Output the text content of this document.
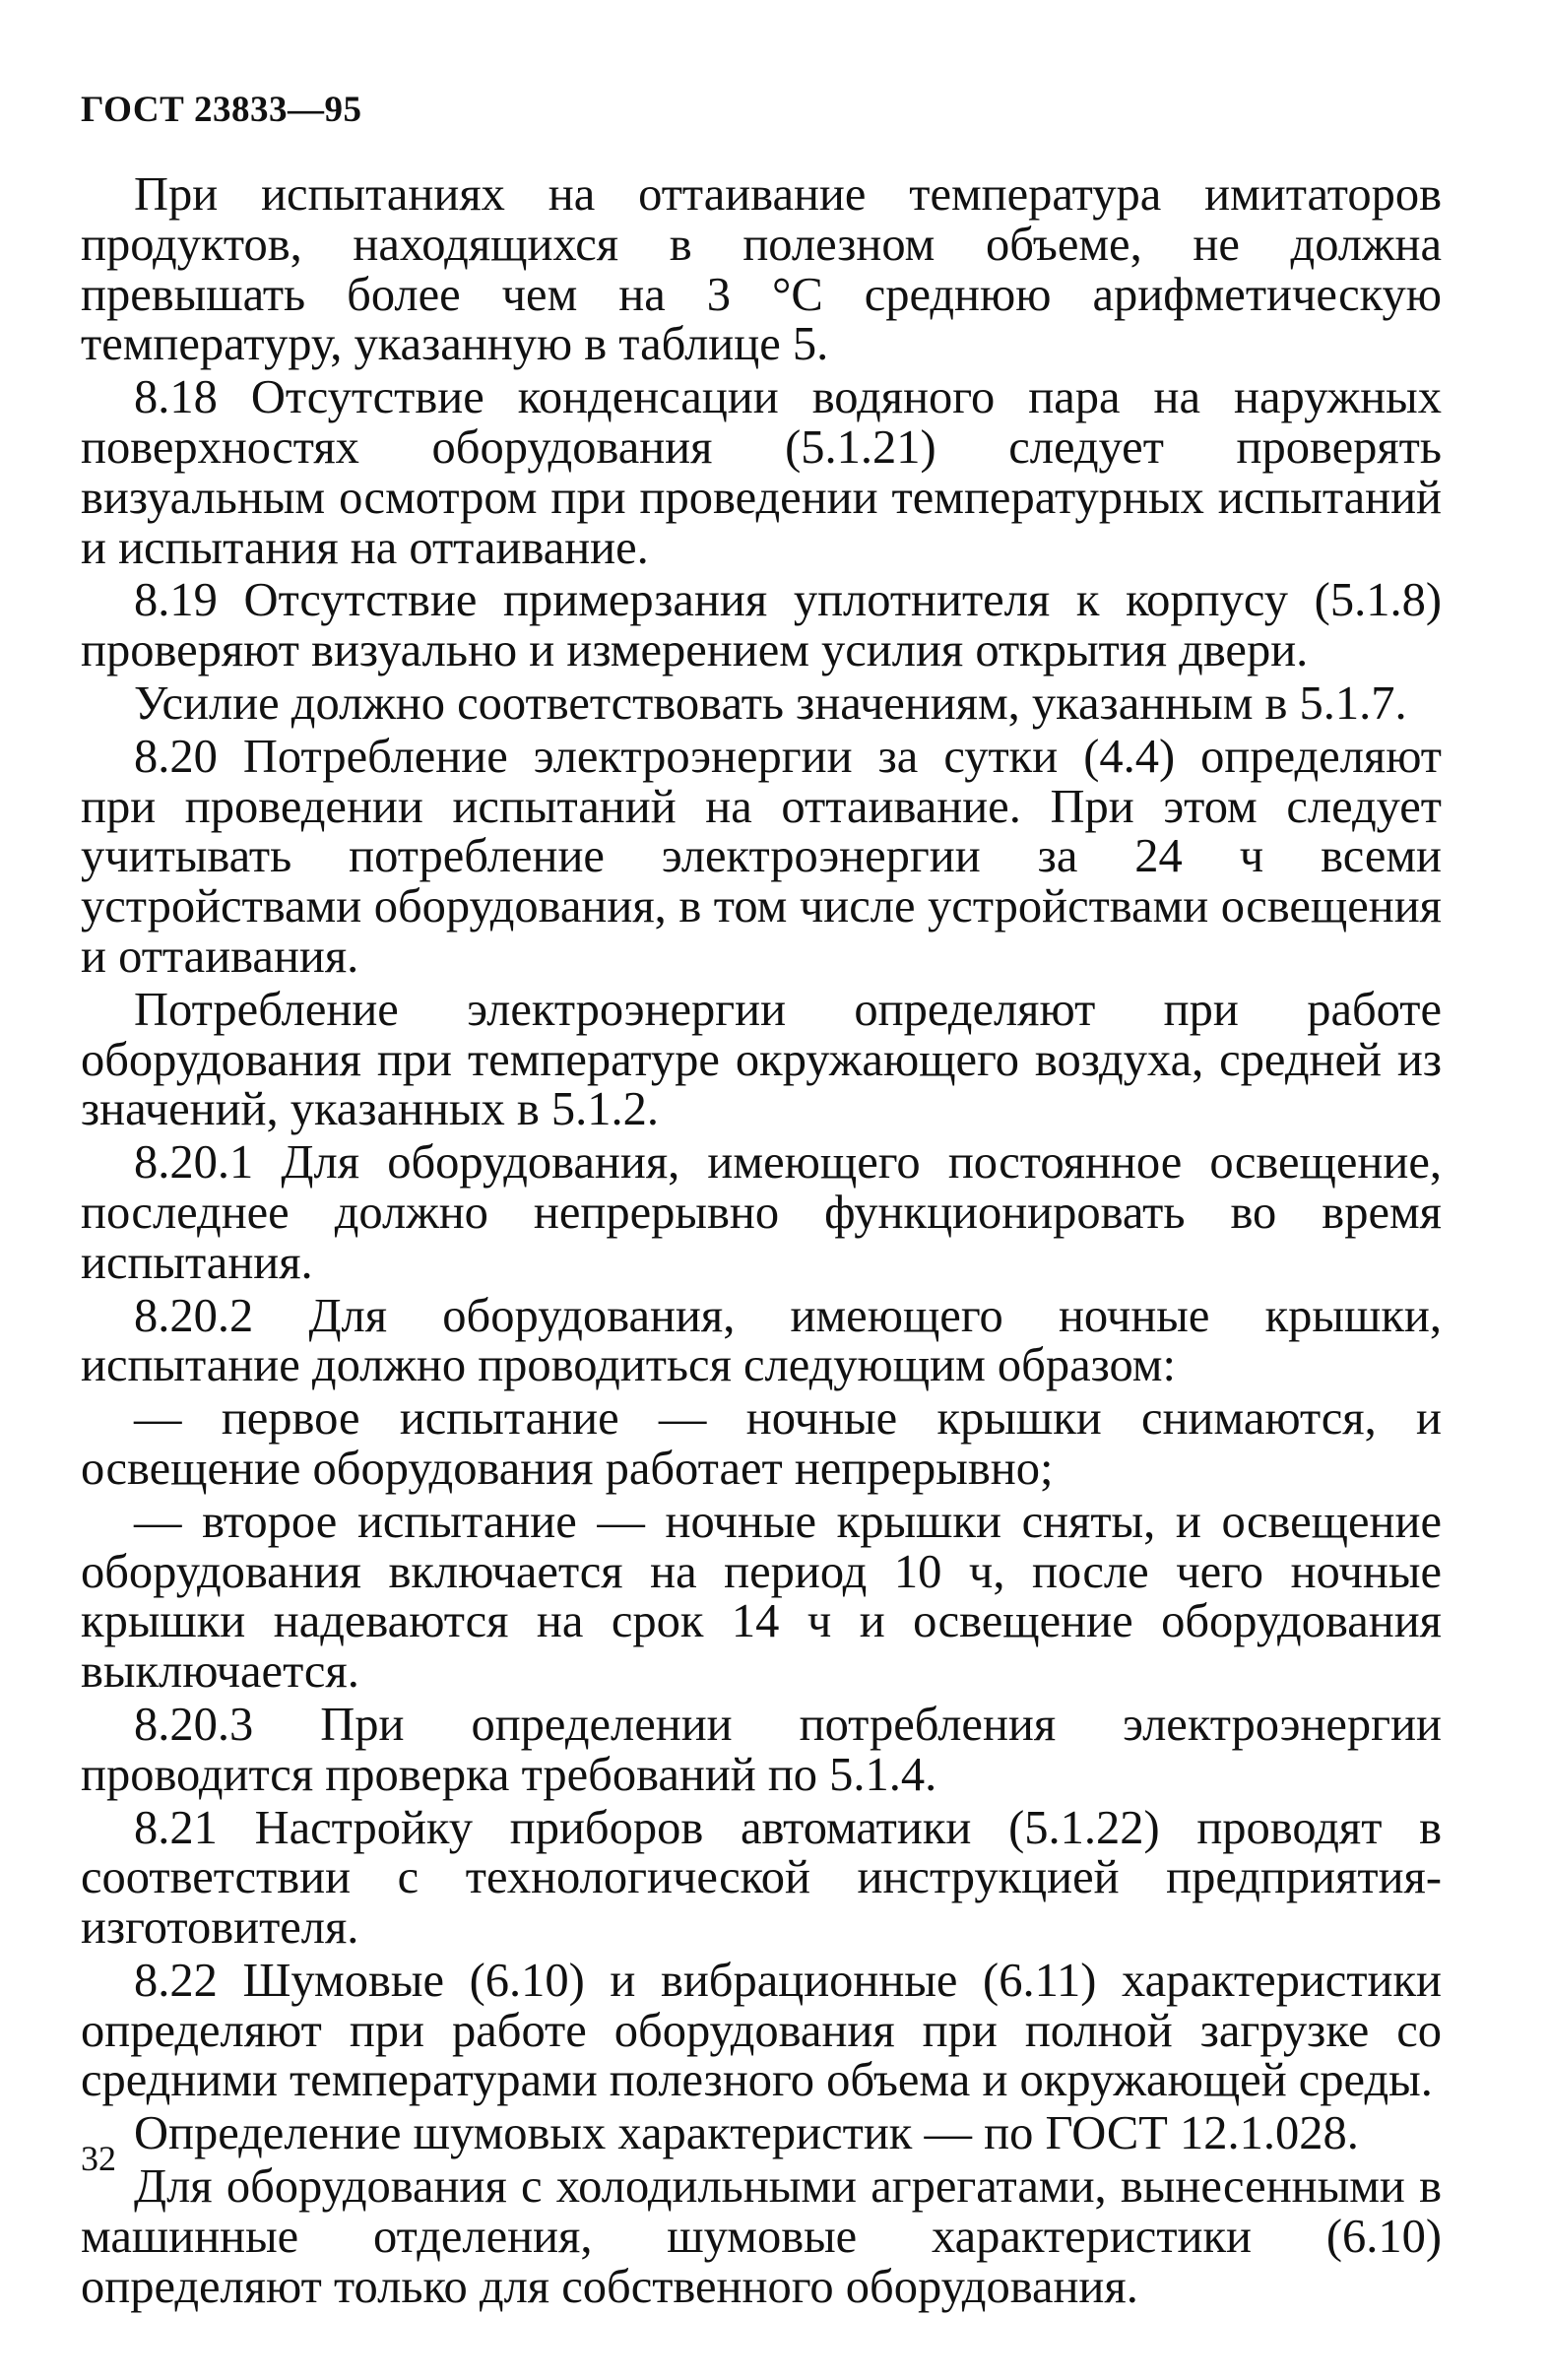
ГОСТ 23833—95

При испытаниях на оттаивание температура имитаторов продуктов, находящихся в полезном объеме, не должна превышать более чем на 3 °С среднюю арифметическую температуру, указанную в таблице 5.

8.18 Отсутствие конденсации водяного пара на наружных поверхностях оборудования (5.1.21) следует проверять визуальным осмотром при проведении температурных испытаний и испытания на оттаивание.

8.19 Отсутствие примерзания уплотнителя к корпусу (5.1.8) проверяют визуально и измерением усилия открытия двери.

Усилие должно соответствовать значениям, указанным в 5.1.7.

8.20 Потребление электроэнергии за сутки (4.4) определяют при проведении испытаний на оттаивание. При этом следует учитывать потребление электроэнергии за 24 ч всеми устройствами оборудования, в том числе устройствами освещения и оттаивания.

Потребление электроэнергии определяют при работе оборудования при температуре окружающего воздуха, средней из значений, указанных в 5.1.2.

8.20.1 Для оборудования, имеющего постоянное освещение, последнее должно непрерывно функционировать во время испытания.

8.20.2 Для оборудования, имеющего ночные крышки, испытание должно проводиться следующим образом:

— первое испытание — ночные крышки снимаются, и освещение оборудования работает непрерывно;

— второе испытание — ночные крышки сняты, и освещение оборудования включается на период 10 ч, после чего ночные крышки надеваются на срок 14 ч и освещение оборудования выключается.

8.20.3 При определении потребления электроэнергии проводится проверка требований по 5.1.4.

8.21 Настройку приборов автоматики (5.1.22) проводят в соответствии с технологической инструкцией предприятия-изготовителя.

8.22 Шумовые (6.10) и вибрационные (6.11) характеристики определяют при работе оборудования при полной загрузке со средними температурами полезного объема и окружающей среды.

Определение шумовых характеристик — по ГОСТ 12.1.028.

Для оборудования с холодильными агрегатами, вынесенными в машинные отделения, шумовые характеристики (6.10) определяют только для собственного оборудования.

32
